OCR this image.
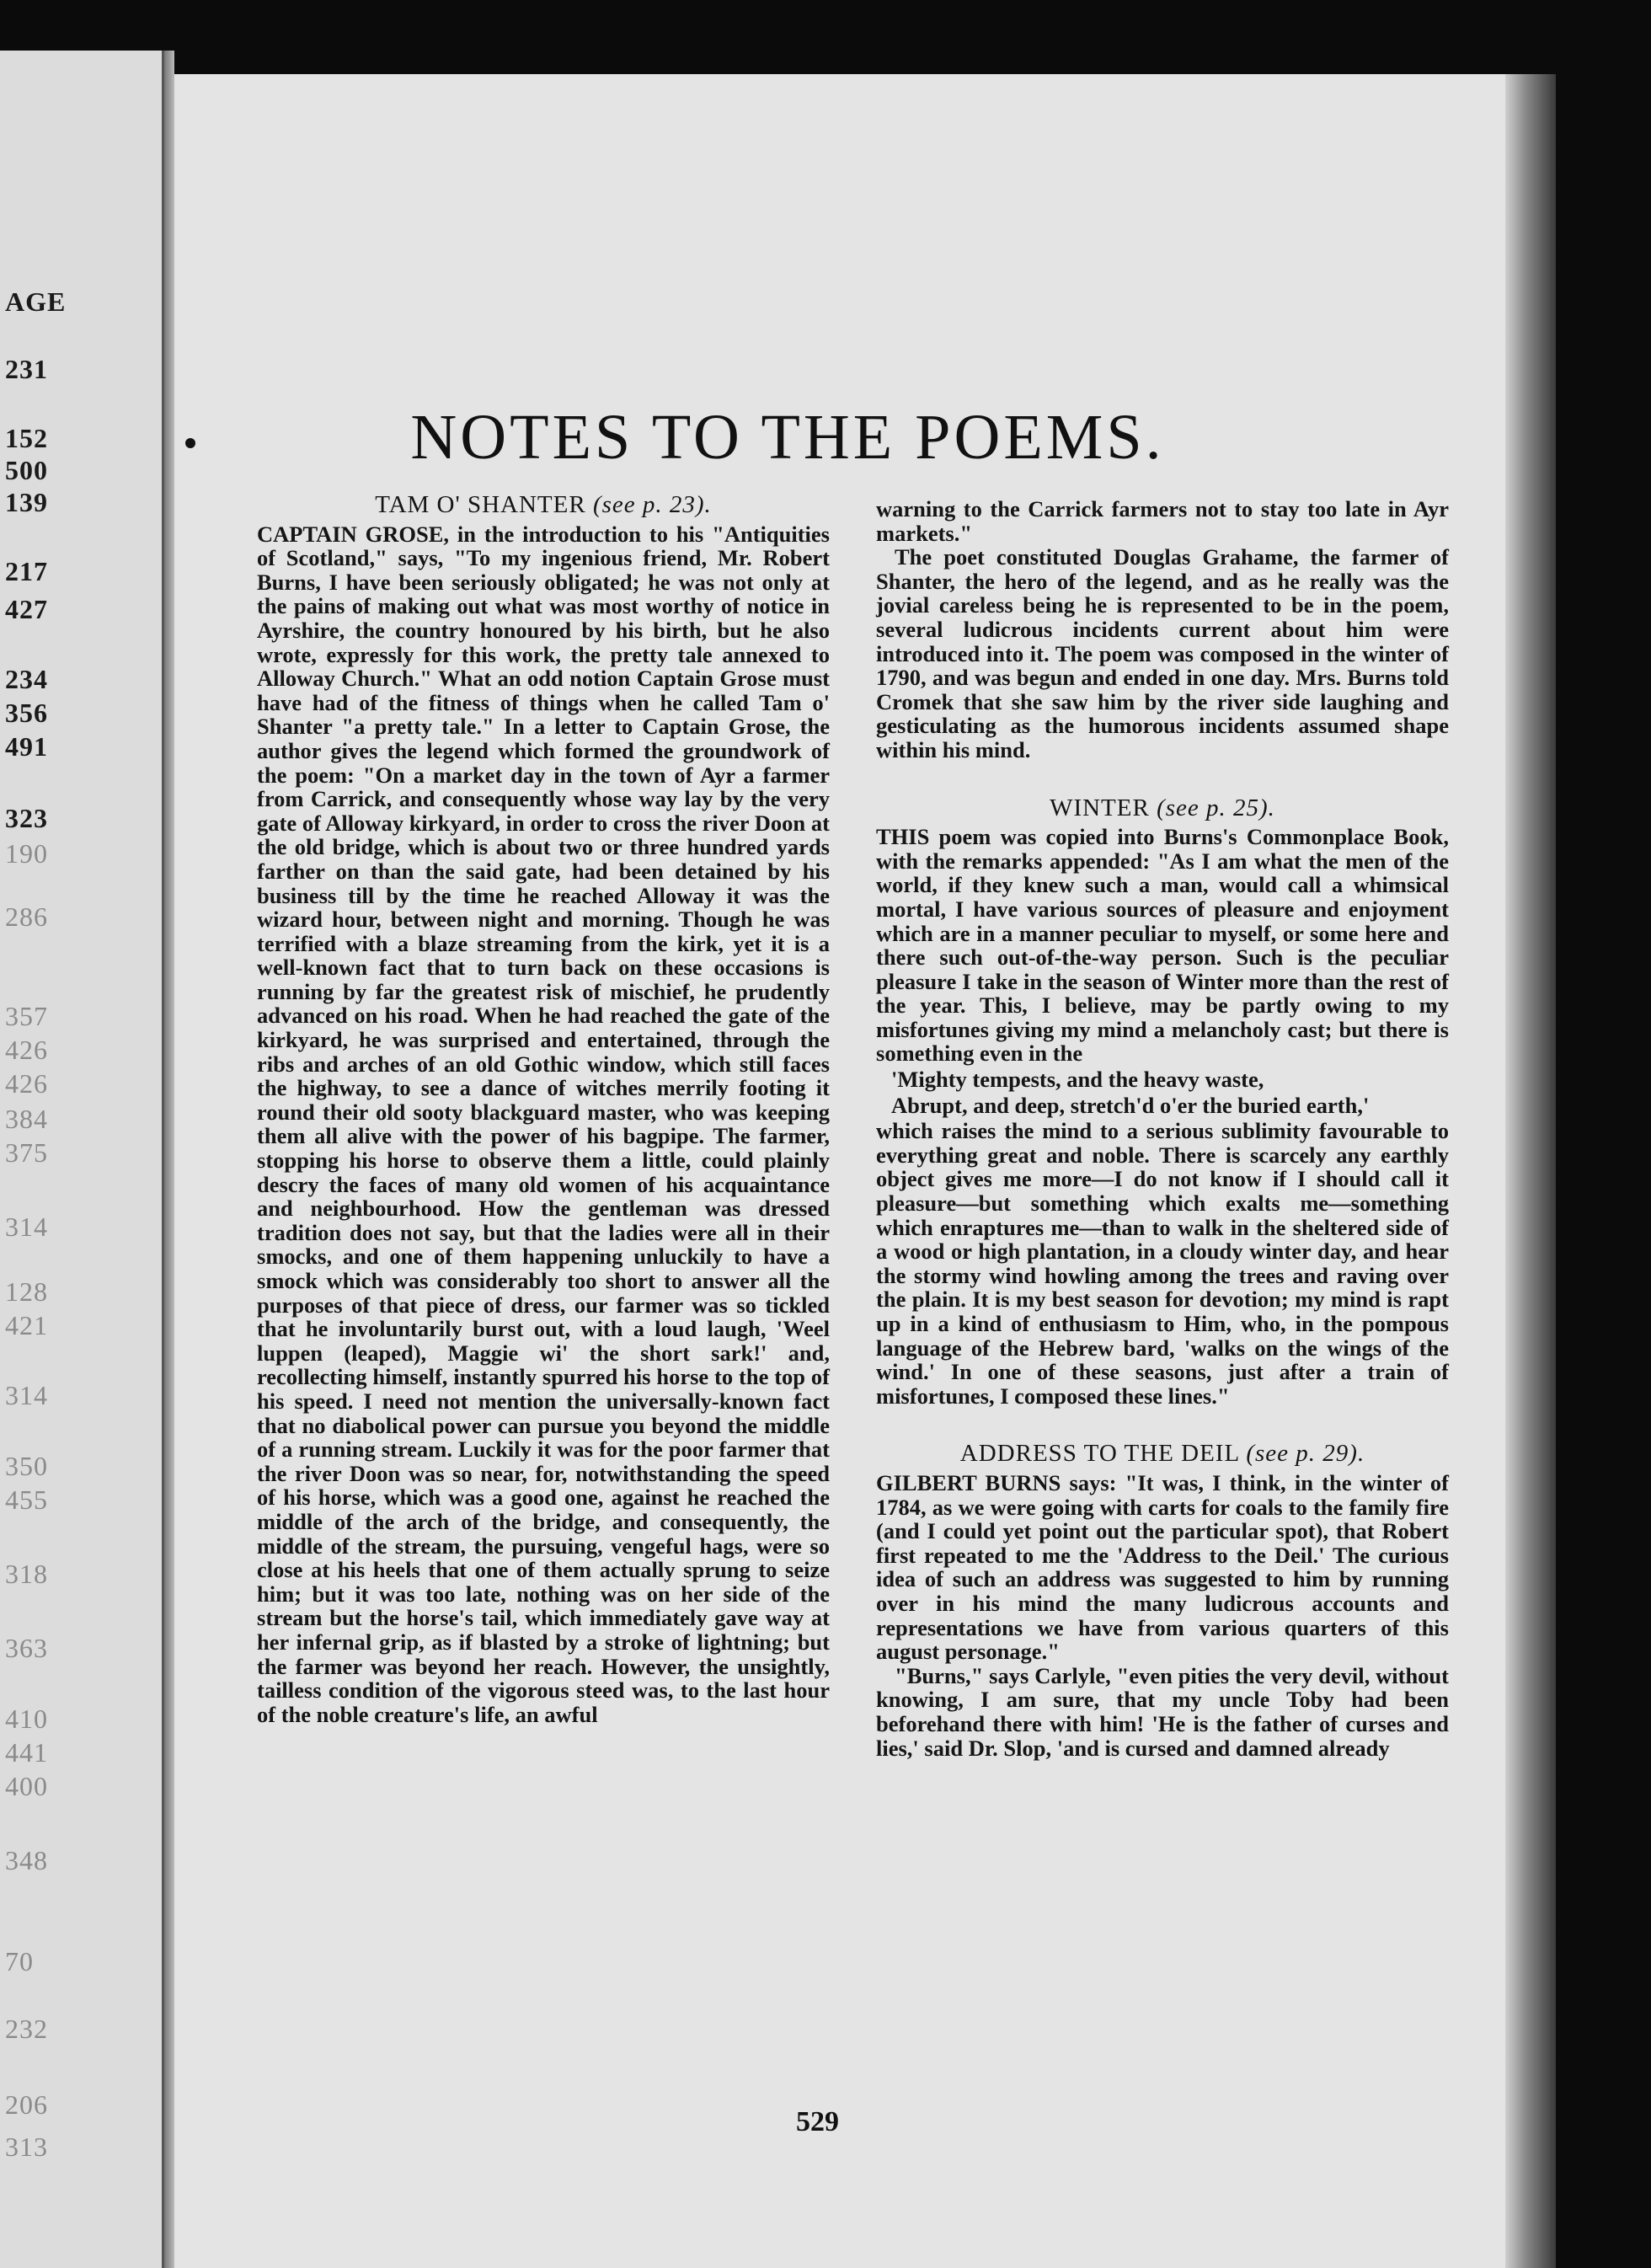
AGE
231
152
500
139
217
427
234
356
491
323
190
286
357
426
426
384
375
314
128
421
314
350
455
318
363
410
441
400
348
70
232
206
313
NOTES TO THE POEMS.
TAM O' SHANTER (see p. 23).

CAPTAIN GROSE, in the introduction to his "Antiquities of Scotland," says, "To my ingenious friend, Mr. Robert Burns, I have been seriously obligated; he was not only at the pains of making out what was most worthy of notice in Ayrshire, the country honoured by his birth, but he also wrote, expressly for this work, the pretty tale annexed to Alloway Church." What an odd notion Captain Grose must have had of the fitness of things when he called Tam o' Shanter "a pretty tale." In a letter to Captain Grose, the author gives the legend which formed the groundwork of the poem: "On a market day in the town of Ayr a farmer from Carrick, and consequently whose way lay by the very gate of Alloway kirkyard, in order to cross the river Doon at the old bridge, which is about two or three hundred yards farther on than the said gate, had been detained by his business till by the time he reached Alloway it was the wizard hour, between night and morning. Though he was terrified with a blaze streaming from the kirk, yet it is a well-known fact that to turn back on these occasions is running by far the greatest risk of mischief, he prudently advanced on his road. When he had reached the gate of the kirkyard, he was surprised and entertained, through the ribs and arches of an old Gothic window, which still faces the highway, to see a dance of witches merrily footing it round their old sooty blackguard master, who was keeping them all alive with the power of his bagpipe. The farmer, stopping his horse to observe them a little, could plainly descry the faces of many old women of his acquaintance and neighbourhood. How the gentleman was dressed tradition does not say, but that the ladies were all in their smocks, and one of them happening unluckily to have a smock which was considerably too short to answer all the purposes of that piece of dress, our farmer was so tickled that he involuntarily burst out, with a loud laugh, 'Weel luppen (leaped), Maggie wi' the short sark!' and, recollecting himself, instantly spurred his horse to the top of his speed. I need not mention the universally-known fact that no diabolical power can pursue you beyond the middle of a running stream. Luckily it was for the poor farmer that the river Doon was so near, for, notwithstanding the speed of his horse, which was a good one, against he reached the middle of the arch of the bridge, and consequently, the middle of the stream, the pursuing, vengeful hags, were so close at his heels that one of them actually sprung to seize him; but it was too late, nothing was on her side of the stream but the horse's tail, which immediately gave way at her infernal grip, as if blasted by a stroke of lightning; but the farmer was beyond her reach. However, the unsightly, tailless condition of the vigorous steed was, to the last hour of the noble creature's life, an awful

warning to the Carrick farmers not to stay too late in Ayr markets."

The poet constituted Douglas Grahame, the farmer of Shanter, the hero of the legend, and as he really was the jovial careless being he is represented to be in the poem, several ludicrous incidents current about him were introduced into it. The poem was composed in the winter of 1790, and was begun and ended in one day. Mrs. Burns told Cromek that she saw him by the river side laughing and gesticulating as the humorous incidents assumed shape within his mind.

WINTER (see p. 25).

THIS poem was copied into Burns's Commonplace Book, with the remarks appended: "As I am what the men of the world, if they knew such a man, would call a whimsical mortal, I have various sources of pleasure and enjoyment which are in a manner peculiar to myself, or some here and there such out-of-the-way person. Such is the peculiar pleasure I take in the season of Winter more than the rest of the year. This, I believe, may be partly owing to my misfortunes giving my mind a melancholy cast; but there is something even in the

'Mighty tempests, and the heavy waste,

Abrupt, and deep, stretch'd o'er the buried earth,'

which raises the mind to a serious sublimity favourable to everything great and noble. There is scarcely any earthly object gives me more—I do not know if I should call it pleasure—but something which exalts me—something which enraptures me—than to walk in the sheltered side of a wood or high plantation, in a cloudy winter day, and hear the stormy wind howling among the trees and raving over the plain. It is my best season for devotion; my mind is rapt up in a kind of enthusiasm to Him, who, in the pompous language of the Hebrew bard, 'walks on the wings of the wind.' In one of these seasons, just after a train of misfortunes, I composed these lines."

ADDRESS TO THE DEIL (see p. 29).

GILBERT BURNS says: "It was, I think, in the winter of 1784, as we were going with carts for coals to the family fire (and I could yet point out the particular spot), that Robert first repeated to me the 'Address to the Deil.' The curious idea of such an address was suggested to him by running over in his mind the many ludicrous accounts and representations we have from various quarters of this august personage."

"Burns," says Carlyle, "even pities the very devil, without knowing, I am sure, that my uncle Toby had been beforehand there with him! 'He is the father of curses and lies,' said Dr. Slop, 'and is cursed and damned already

529
